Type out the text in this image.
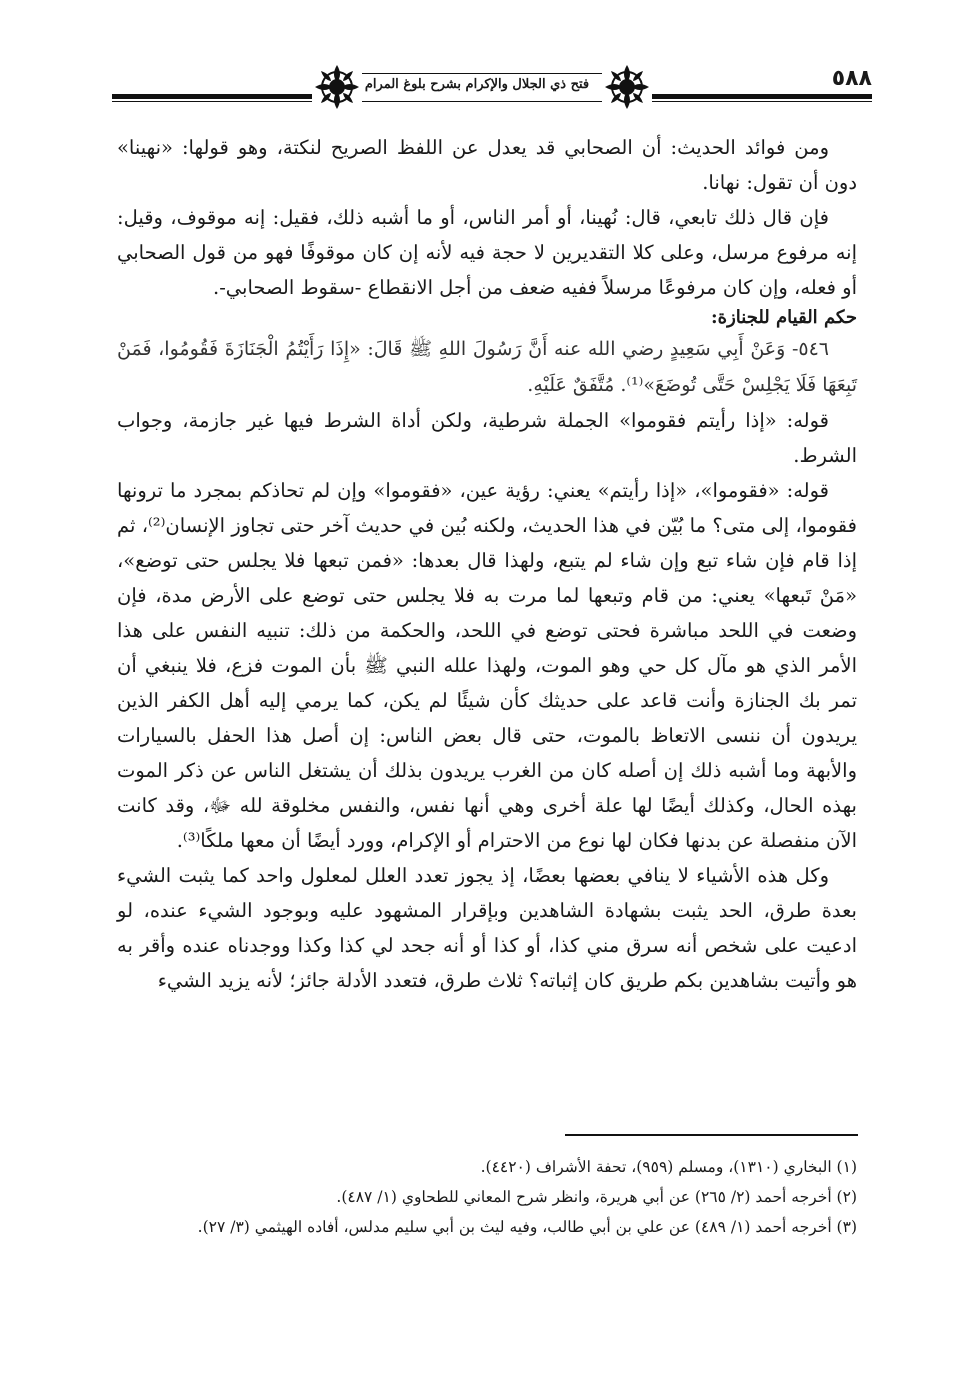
فتح ذي الجلال والإكرام بشرح بلوغ المرام	٥٨٨

ومن فوائد الحديث: أن الصحابي قد يعدل عن اللفظ الصريح لنكتة، وهو قولها: «نهينا» دون أن تقول: نهانا.

فإن قال ذلك تابعي، قال: نُهينا، أو أمر الناس، أو ما أشبه ذلك، فقيل: إنه موقوف، وقيل: إنه مرفوع مرسل، وعلى كلا التقديرين لا حجة فيه لأنه إن كان موقوفًا فهو من قول الصحابي أو فعله، وإن كان مرفوعًا مرسلاً ففيه ضعف من أجل الانقطاع -سقوط الصحابي-.

حكم القيام للجنازة:

٥٤٦- وَعَنْ أَبِي سَعِيدٍ رضي الله عنه أَنَّ رَسُولَ اللهِ ﷺ قَالَ: «إِذَا رَأَيْتُمُ الْجَنَازَةَ فَقُومُوا، فَمَنْ تَبِعَهَا فَلَا يَجْلِسْ حَتَّى تُوضَعَ»⁽¹⁾. مُتَّفَقٌ عَلَيْهِ.

قوله: «إذا رأيتم فقوموا» الجملة شرطية، ولكن أداة الشرط فيها غير جازمة، وجواب الشرط.

قوله: «فقوموا»، «إذا رأيتم» يعني: رؤية عين، «فقوموا» وإن لم تحاذكم بمجرد ما ترونها فقوموا، إلى متى؟ ما بُيّن في هذا الحديث، ولكنه بُين في حديث آخر حتى تجاوز الإنسان⁽²⁾، ثم إذا قام فإن شاء تبع وإن شاء لم يتبع، ولهذا قال بعدها: «فمن تبعها فلا يجلس حتى توضع»، «مَنْ تَبعها» يعني: من قام وتبعها لما مرت به فلا يجلس حتى توضع على الأرض مدة، فإن وضعت في اللحد مباشرة فحتى توضع في اللحد، والحكمة من ذلك: تنبيه النفس على هذا الأمر الذي هو مآل كل حي وهو الموت، ولهذا علله النبي ﷺ بأن الموت فزع، فلا ينبغي أن تمر بك الجنازة وأنت قاعد على حديثك كأن شيئًا لم يكن، كما يرمي إليه أهل الكفر الذين يريدون أن ننسى الاتعاظ بالموت، حتى قال بعض الناس: إن أصل هذا الحفل بالسيارات والأبهة وما أشبه ذلك إن أصله كان من الغرب يريدون بذلك أن يشتغل الناس عن ذكر الموت بهذه الحال، وكذلك أيضًا لها علة أخرى وهي أنها نفس، والنفس مخلوقة لله ﷻ، وقد كانت الآن منفصلة عن بدنها فكان لها نوع من الاحترام أو الإكرام، وورد أيضًا أن معها ملكًا⁽³⁾.

وكل هذه الأشياء لا ينافي بعضها بعضًا، إذ يجوز تعدد العلل لمعلول واحد كما يثبت الشيء بعدة طرق، الحد يثبت بشهادة الشاهدين وبإقرار المشهود عليه وبوجود الشيء عنده، لو ادعيت على شخص أنه سرق مني كذا، أو كذا أو أنه جحد لي كذا وكذا ووجدناه عنده وأقر به هو وأتيت بشاهدين بكم طريق كان إثباته؟ ثلاث طرق، فتعدد الأدلة جائز؛ لأنه يزيد الشيء

(١) البخاري (١٣١٠)، ومسلم (٩٥٩)، تحفة الأشراف (٤٤٢٠).

(٢) أخرجه أحمد (٢/ ٢٦٥) عن أبي هريرة، وانظر شرح المعاني للطحاوي (١/ ٤٨٧).

(٣) أخرجه أحمد (١/ ٤٨٩) عن علي بن أبي طالب، وفيه ليث بن أبي سليم مدلس، أفاده الهيثمي (٣/ ٢٧).
